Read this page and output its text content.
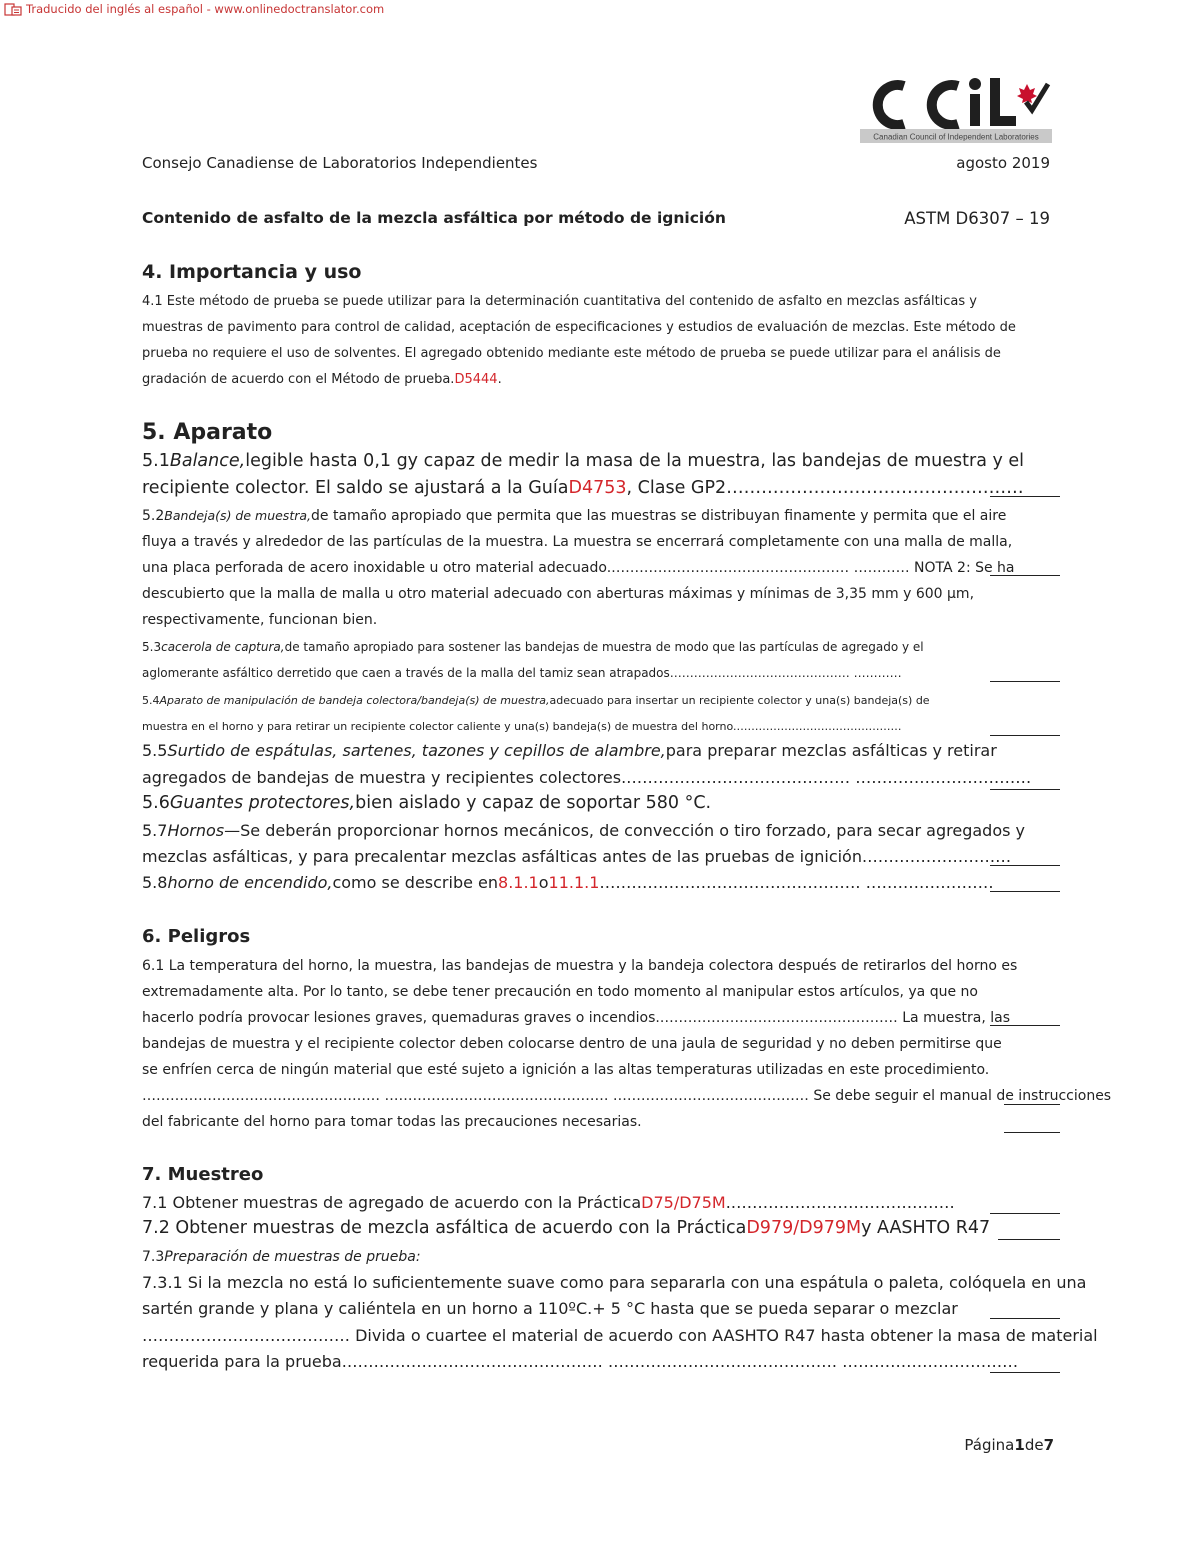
Traducido del inglés al español - www.onlinedoctranslator.com
Canadian Council of Independent Laboratories
Consejo Canadiense de Laboratorios Independientes	agosto 2019
Contenido de asfalto de la mezcla asfáltica por método de ignición	ASTM D6307 – 19
4. Importancia y uso
4.1 Este método de prueba se puede utilizar para la determinación cuantitativa del contenido de asfalto en mezclas asfálticas y
muestras de pavimento para control de calidad, aceptación de especificaciones y estudios de evaluación de mezclas. Este método de
prueba no requiere el uso de solventes. El agregado obtenido mediante este método de prueba se puede utilizar para el análisis de
gradación de acuerdo con el Método de prueba.D5444.
5. Aparato
5.1Balance,legible hasta 0,1 gy capaz de medir la masa de la muestra, las bandejas de muestra y el
recipiente colector. El saldo se ajustará a la GuíaD4753, Clase GP2……………………………………………
5.2Bandeja(s) de muestra,de tamaño apropiado que permita que las muestras se distribuyan finamente y permita que el aire
fluya a través y alrededor de las partículas de la muestra. La muestra se encerrará completamente con una malla de malla,
una placa perforada de acero inoxidable u otro material adecuado.…………………………………………… ………… NOTA 2: Se ha
descubierto que la malla de malla u otro material adecuado con aberturas máximas y mínimas de 3,35 mm y 600 µm,
respectivamente, funcionan bien.
5.3cacerola de captura,de tamaño apropiado para sostener las bandejas de muestra de modo que las partículas de agregado y el
aglomerante asfáltico derretido que caen a través de la malla del tamiz sean atrapados……………………………………… …………
5.4Aparato de manipulación de bandeja colectora/bandeja(s) de muestra,adecuado para insertar un recipiente colector y una(s) bandeja(s) de
muestra en el horno y para retirar un recipiente colector caliente y una(s) bandeja(s) de muestra del horno.………………………………………
5.5Surtido de espátulas, sartenes, tazones y cepillos de alambre,para preparar mezclas asfálticas y retirar
agregados de bandejas de muestra y recipientes colectores.…………………………………… ……………………………
5.6Guantes protectores,bien aislado y capaz de soportar 580 °C.
5.7Hornos—Se deberán proporcionar hornos mecánicos, de convección o tiro forzado, para secar agregados y
mezclas asfálticas, y para precalentar mezclas asfálticas antes de las pruebas de ignición.………………………
5.8horno de encendido,como se describe en8.1.1o11.1.1…………………………………………. ……………………
6. Peligros
6.1 La temperatura del horno, la muestra, las bandejas de muestra y la bandeja colectora después de retirarlos del horno es
extremadamente alta. Por lo tanto, se debe tener precaución en todo momento al manipular estos artículos, ya que no
hacerlo podría provocar lesiones graves, quemaduras graves o incendios.…………………………………………… La muestra, las
bandejas de muestra y el recipiente colector deben colocarse dentro de una jaula de seguridad y no deben permitirse que
se enfríen cerca de ningún material que esté sujeto a ignición a las altas temperaturas utilizadas en este procedimiento.
…………………………………………… ………………………………………… …………………………………… Se debe seguir el manual de instrucciones
del fabricante del horno para tomar todas las precauciones necesarias.
7. Muestreo
7.1 Obtener muestras de agregado de acuerdo con la PrácticaD75/D75M.……………………………………
7.2 Obtener muestras de mezcla asfáltica de acuerdo con la PrácticaD979/D979My AASHTO R47
7.3Preparación de muestras de prueba:
7.3.1 Si la mezcla no está lo suficientemente suave como para separarla con una espátula o paleta, colóquela en una
sartén grande y plana y caliéntela en un horno a 110ºC.+ 5 °C hasta que se pueda separar o mezclar
………………………………… Divida o cuartee el material de acuerdo con AASHTO R47 hasta obtener la masa de material
requerida para la prueba.………………………………………… ……………………………………. ……………………………
Página1de7
